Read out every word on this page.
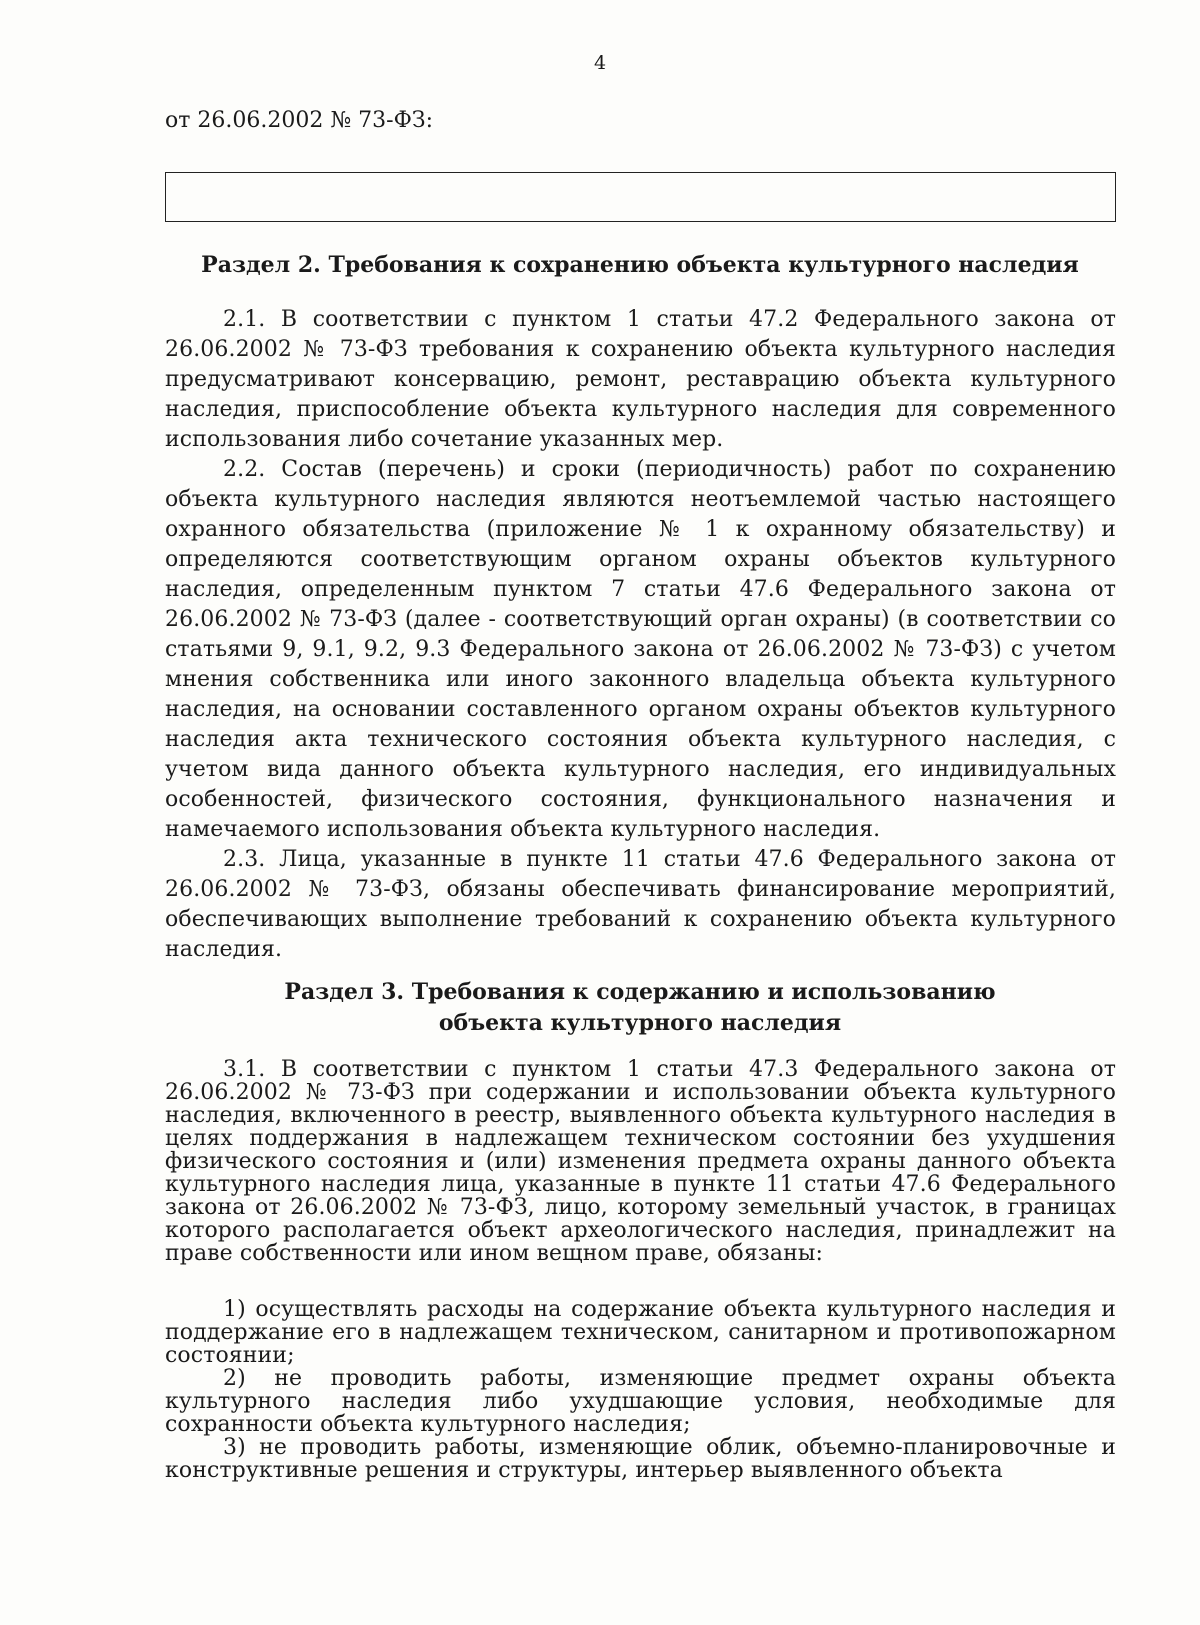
4
от 26.06.2002 № 73-ФЗ:
Раздел 2. Требования к сохранению объекта культурного наследия

2.1. В соответствии с пунктом 1 статьи 47.2 Федерального закона от 26.06.2002 № 73-ФЗ требования к сохранению объекта культурного наследия предусматривают консервацию, ремонт, реставрацию объекта культурного наследия, приспособление объекта культурного наследия для современного использования либо сочетание указанных мер.

2.2. Состав (перечень) и сроки (периодичность) работ по сохранению объекта культурного наследия являются неотъемлемой частью настоящего охранного обязательства (приложение № 1 к охранному обязательству) и определяются соответствующим органом охраны объектов культурного наследия, определенным пунктом 7 статьи 47.6 Федерального закона от 26.06.2002 № 73-ФЗ (далее - соответствующий орган охраны) (в соответствии со статьями 9, 9.1, 9.2, 9.3 Федерального закона от 26.06.2002 № 73-ФЗ) с учетом мнения собственника или иного законного владельца объекта культурного наследия, на основании составленного органом охраны объектов культурного наследия акта технического состояния объекта культурного наследия, с учетом вида данного объекта культурного наследия, его индивидуальных особенностей, физического состояния, функционального назначения и намечаемого использования объекта культурного наследия.

2.3. Лица, указанные в пункте 11 статьи 47.6 Федерального закона от 26.06.2002 № 73-ФЗ, обязаны обеспечивать финансирование мероприятий, обеспечивающих выполнение требований к сохранению объекта культурного наследия.

Раздел 3. Требования к содержанию и использованию
объекта культурного наследия

3.1. В соответствии с пунктом 1 статьи 47.3 Федерального закона от 26.06.2002 № 73-ФЗ при содержании и использовании объекта культурного наследия, включенного в реестр, выявленного объекта культурного наследия в целях поддержания в надлежащем техническом состоянии без ухудшения физического состояния и (или) изменения предмета охраны данного объекта культурного наследия лица, указанные в пункте 11 статьи 47.6 Федерального закона от 26.06.2002 № 73-ФЗ, лицо, которому земельный участок, в границах которого располагается объект археологического наследия, принадлежит на праве собственности или ином вещном праве, обязаны:

1) осуществлять расходы на содержание объекта культурного наследия и поддержание его в надлежащем техническом, санитарном и противопожарном состоянии;

2) не проводить работы, изменяющие предмет охраны объекта культурного наследия либо ухудшающие условия, необходимые для сохранности объекта культурного наследия;

3) не проводить работы, изменяющие облик, объемно-планировочные и конструктивные решения и структуры, интерьер выявленного объекта
